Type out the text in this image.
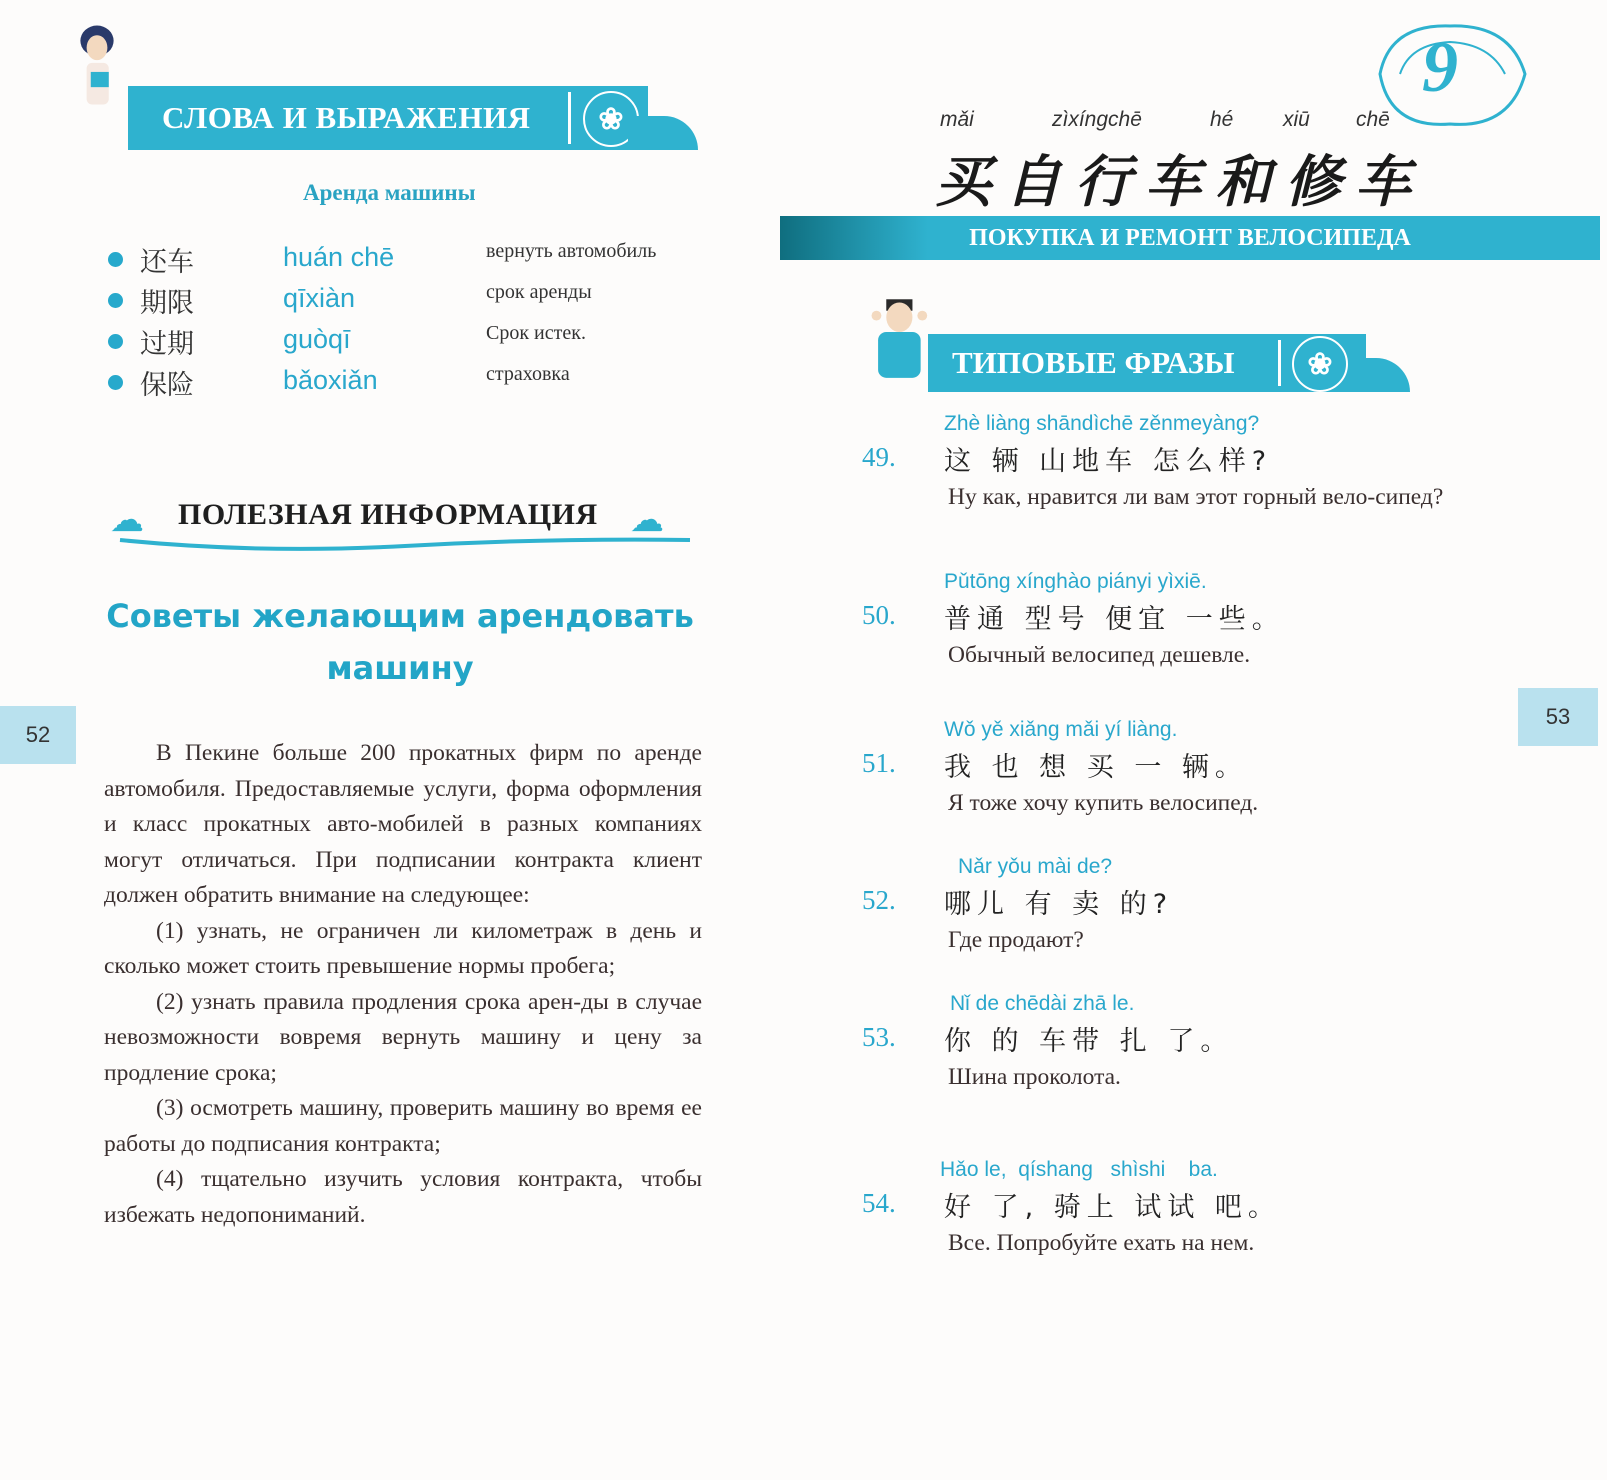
СЛОВА И ВЫРАЖЕНИЯ	❀
Аренда машины
还车	huán chē	вернуть автомобиль
期限	qīxiàn	срок аренды
过期	guòqī	Срок истек.
保险	bǎoxiǎn	страховка
☁	ПОЛЕЗНАЯ ИНФОРМАЦИЯ ☁
Советы желающим арендовать
машину

В Пекине больше 200 прокатных фирм по аренде автомобиля. Предоставляемые услуги, форма оформления и класс прокатных авто-мобилей в разных компаниях могут отличаться. При подписании контракта клиент должен обратить внимание на следующее:

(1) узнать, не ограничен ли километраж в день и сколько может стоить превышение нормы пробега;

(2) узнать правила продления срока арен-ды в случае невозможности вовремя вернуть машину и цену за продление срока;

(3) осмотреть машину, проверить машину во время ее работы до подписания контракта;

(4) тщательно изучить условия контракта, чтобы избежать недопониманий.

52
9
mǎi	zìxíngchē	hé xiū chē
买自行车和修车
ПОКУПКА И РЕМОНТ ВЕЛОСИПЕДА
ТИПОВЫЕ ФРАЗЫ	❀
Zhè liàng shāndìchē zěnmeyàng?
49. 这 辆 山地车 怎么样?
Ну как, нравится ли вам этот горный вело-сипед?
Pǔtōng xínghào piányi yìxiē.
50. 普通 型号 便宜 一些。
Обычный велосипед дешевле.
Wǒ yě xiǎng mǎi yí liàng.
51. 我 也 想 买 一 辆。
Я тоже хочу купить велосипед.
Nǎr yǒu mài de?
52. 哪儿 有 卖 的?
Где продают?
Nǐ de chēdài zhā le.
53. 你 的 车带 扎 了。
Шина проколота.
Hǎo le,  qíshang   shìshi    ba.
54. 好 了, 骑上 试试 吧。
Все. Попробуйте ехать на нем.
53
